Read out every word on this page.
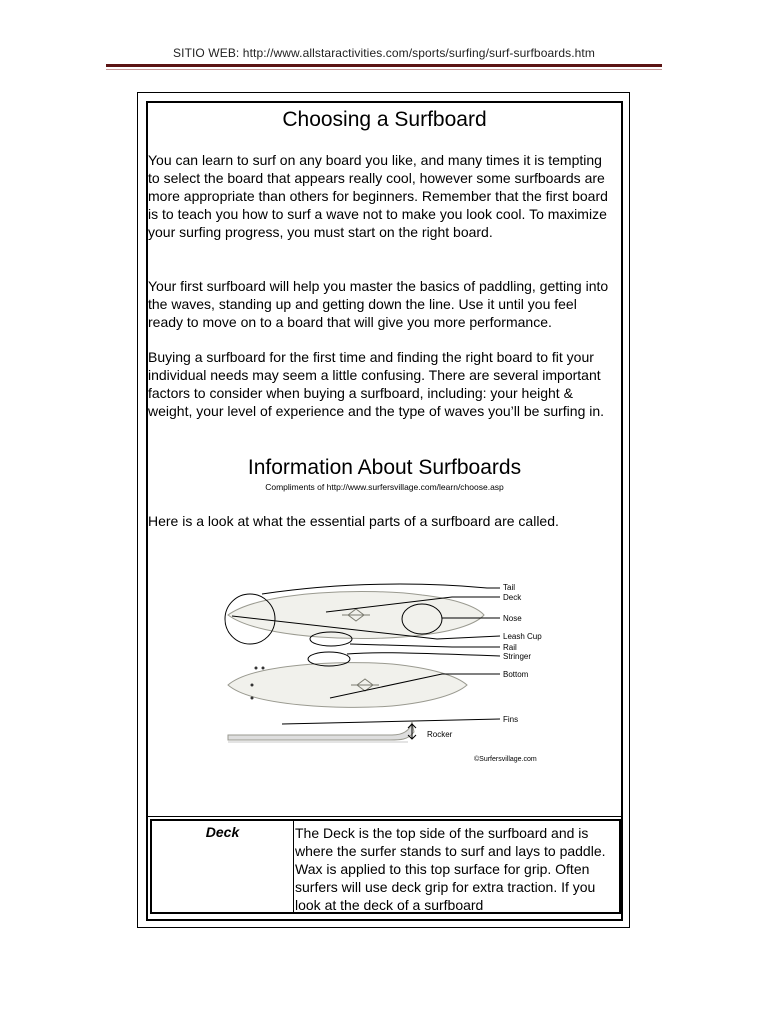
SITIO WEB: http://www.allstaractivities.com/sports/surfing/surf-surfboards.htm
Choosing a Surfboard

You can learn to surf on any board you like, and many times it is tempting to select the board that appears really cool, however some surfboards are more appropriate than others for beginners. Remember that the first board is to teach you how to surf a wave not to make you look cool. To maximize your surfing progress, you must start on the right board.

Your first surfboard will help you master the basics of paddling, getting into the waves, standing up and getting down the line. Use it until you feel ready to move on to a board that will give you more performance.

Buying a surfboard for the first time and finding the right board to fit your individual needs may seem a little confusing. There are several important factors to consider when buying a surfboard, including: your height & weight, your level of experience and the type of waves you’ll be surfing in.

Information About Surfboards
Compliments of http://www.surfersvillage.com/learn/choose.asp

Here is a look at what the essential parts of a surfboard are called.

Tail
Deck
Nose
Leash Cup
Rail
Stringer
Bottom
Fins
Rocker
©Surfersvillage.com
Deck	The Deck is the top side of the surfboard and is where the surfer stands to surf and lays to paddle. Wax is applied to this top surface for grip. Often surfers will use deck grip for extra traction. If you look at the deck of a surfboard
